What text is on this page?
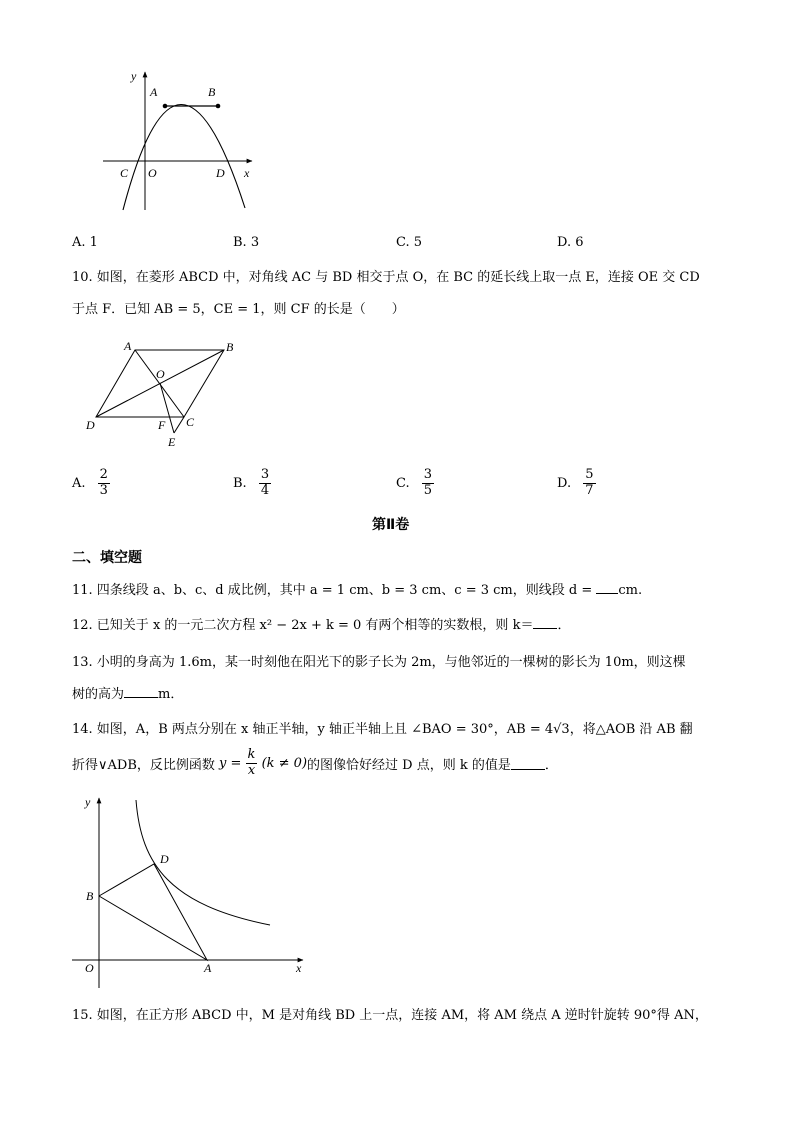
y
x
A	B
C O	D
A. 1	B. 3	C. 5	D. 6
10. 如图，在菱形 ABCD 中，对角线 AC 与 BD 相交于点 O，在 BC 的延长线上取一点 E，连接 OE 交 CD
于点 F．已知 AB = 5，CE = 1，则 CF 的长是（　　）
A	B
O
D	F C
E
A. $\frac{2}{3}$	B. $\frac{3}{4}$	C. $\frac{3}{5}$	D. $\frac{5}{7}$
第Ⅱ卷
二、填空题
11. 四条线段 a、b、c、d 成比例，其中 a = 1 cm、b = 3 cm、c = 3 cm，则线段 d = cm.
12. 已知关于 x 的一元二次方程 x² − 2x + k = 0 有两个相等的实数根，则 k＝ ．
13. 小明的身高为 1.6m，某一时刻他在阳光下的影子长为 2m，与他邻近的一棵树的影长为 10m，则这棵
树的高为	m．
14. 如图，A，B 两点分别在 x 轴正半轴，y 轴正半轴上且 ∠BAO = 30°，AB = 4√3，将△AOB 沿 AB 翻
折得∨ADB，反比例函数 $y = \frac{k}{x} (k \ne 0)$的图像恰好经过 D 点，则 k 的值是	．
y
x
O	A
B
D
15. 如图，在正方形 ABCD 中，M 是对角线 BD 上一点，连接 AM，将 AM 绕点 A 逆时针旋转 90°得 AN，
